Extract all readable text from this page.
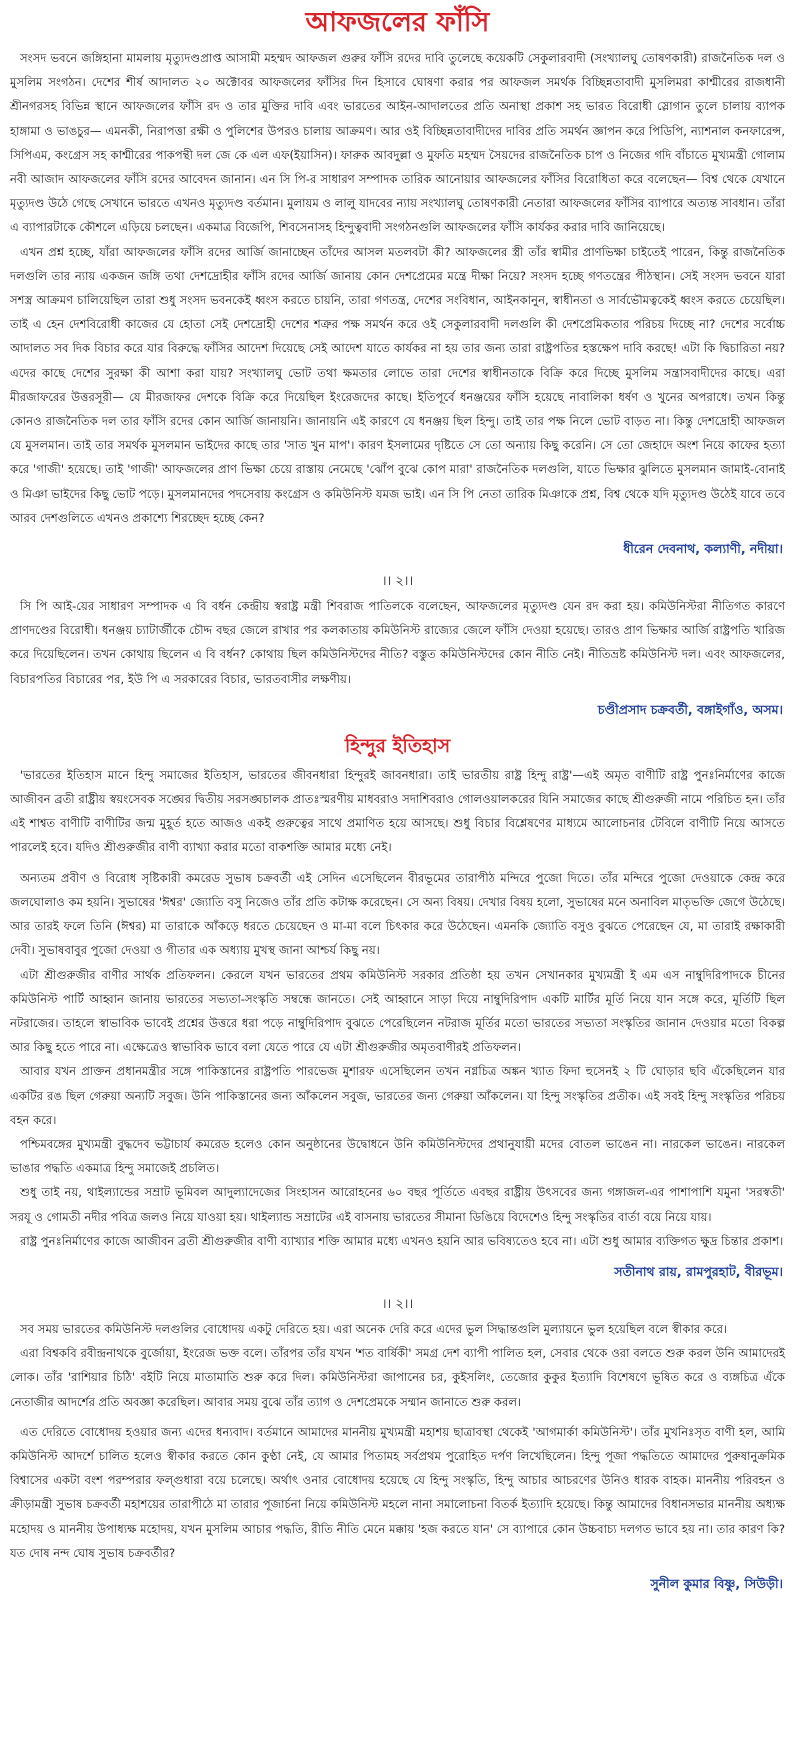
আফজলের ফাঁসি

সংসদ ভবনে জঙ্গিহানা মামলায় মৃত্যুদণ্ডপ্রাপ্ত আসামী মহম্মদ আফজল গুরুর ফাঁসি রদের দাবি তুলেছে কয়েকটি সেকুলারবাদী (সংখ্যালঘু তোষণকারী) রাজনৈতিক দল ও মুসলিম সংগঠন। দেশের শীর্ষ আদালত ২০ অক্টোবর আফজলের ফাঁসির দিন হিসাবে ঘোষণা করার পর আফজল সমর্থক বিচ্ছিন্নতাবাদী মুসলিমরা কাশ্মীরের রাজধানী শ্রীনগরসহ বিভিন্ন স্থানে আফজলের ফাঁসি রদ ও তার মুক্তির দাবি এবং ভারতের আইন-আদালতের প্রতি অনাস্থা প্রকাশ সহ ভারত বিরোধী স্লোগান তুলে চালায় ব্যাপক হাঙ্গামা ও ভাঙচুর— এমনকী, নিরাপত্তা রক্ষী ও পুলিশের উপরও চালায় আক্রমণ। আর ওই বিচ্ছিন্নতাবাদীদের দাবির প্রতি সমর্থন জ্ঞাপন করে পিডিপি, ন্যাশনাল কনফারেন্স, সিপিএম, কংগ্রেস সহ কাশ্মীরের পাকপন্থী দল জে কে এল এফ(ইয়াসিন)। ফারুক আবদুল্লা ও মুফতি মহম্মদ সৈয়দের রাজনৈতিক চাপ ও নিজের গদি বাঁচাতে মুখ্যমন্ত্রী গোলাম নবী আজাদ আফজলের ফাঁসি রদের আবেদন জানান। এন সি পি-র সাধারণ সম্পাদক তারিক আনোয়ার আফজলের ফাঁসির বিরোধিতা করে বলেছেন— বিশ্ব থেকে যেখানে মৃত্যুদণ্ড উঠে গেছে সেখানে ভারতে এখনও মৃত্যুদণ্ড বর্তমান। মুলায়ম ও লালু যাদবের ন্যায় সংখ্যালঘু তোষণকারী নেতারা আফজলের ফাঁসির ব্যাপারে অত্যন্ত সাবধান। তাঁরা এ ব্যাপারটাকে কৌশলে এড়িয়ে চলছেন। একমাত্র বিজেপি, শিবসেনাসহ হিন্দুত্ববাদী সংগঠনগুলি আফজলের ফাঁসি কার্যকর করার দাবি জানিয়েছে।

এখন প্রশ্ন হচ্ছে, যাঁরা আফজলের ফাঁসি রদের আর্জি জানাচ্ছেন তাঁদের আসল মতলবটা কী? আফজলের স্ত্রী তাঁর স্বামীর প্রাণভিক্ষা চাইতেই পারেন, কিন্তু রাজনৈতিক দলগুলি তার ন্যায় একজন জঙ্গি তথা দেশদ্রোহীর ফাঁসি রদের আর্জি জানায় কোন দেশপ্রেমের মন্ত্রে দীক্ষা নিয়ে? সংসদ হচ্ছে গণতন্ত্রের পীঠস্থান। সেই সংসদ ভবনে যারা সশস্ত্র আক্রমণ চালিয়েছিল তারা শুধু সংসদ ভবনকেই ধ্বংস করতে চায়নি, তারা গণতন্ত্র, দেশের সংবিধান, আইনকানুন, স্বাধীনতা ও সার্বভৌমত্বকেই ধ্বংস করতে চেয়েছিল। তাই এ হেন দেশবিরোধী কাজের যে হোতা সেই দেশদ্রোহী দেশের শত্রুর পক্ষ সমর্থন করে ওই সেকুলারবাদী দলগুলি কী দেশপ্রেমিকতার পরিচয় দিচ্ছে না? দেশের সর্বোচ্চ আদালত সব দিক বিচার করে যার বিরুদ্ধে ফাঁসির আদেশ দিয়েছে সেই আদেশ যাতে কার্যকর না হয় তার জন্য তারা রাষ্ট্রপতির হস্তক্ষেপ দাবি করছে! এটা কি দ্বিচারিতা নয়? এদের কাছে দেশের সুরক্ষা কী আশা করা যায়? সংখ্যালঘু ভোট তথা ক্ষমতার লোভে তারা দেশের স্বাধীনতাকে বিক্রি করে দিচ্ছে মুসলিম সন্ত্রাসবাদীদের কাছে। এরা মীরজাফরের উত্তরসূরী— যে মীরজাফর দেশকে বিক্রি করে দিয়েছিল ইংরেজদের কাছে। ইতিপূর্বে ধনঞ্জয়ের ফাঁসি হয়েছে নাবালিকা ধর্ষণ ও খুনের অপরাধে। তখন কিন্তু কোনও রাজনৈতিক দল তার ফাঁসি রদের কোন আর্জি জানায়নি। জানায়নি এই কারণে যে ধনঞ্জয় ছিল হিন্দু। তাই তার পক্ষ নিলে ভোট বাড়ত না। কিন্তু দেশদ্রোহী আফজল যে মুসলমান। তাই তার সমর্থক মুসলমান ভাইদের কাছে তার 'সাত খুন মাপ'। কারণ ইসলামের দৃষ্টিতে সে তো অন্যায় কিছু করেনি। সে তো জেহাদে অংশ নিয়ে কাফের হত্যা করে 'গাজী' হয়েছে। তাই 'গাজী' আফজলের প্রাণ ভিক্ষা চেয়ে রাস্তায় নেমেছে 'ঝোঁপ বুঝে কোপ মারা' রাজনৈতিক দলগুলি, যাতে ভিক্ষার ঝুলিতে মুসলমান জামাই-বোনাই ও মিঞা ভাইদের কিছু ভোট পড়ে। মুসলমানদের পদসেবায় কংগ্রেস ও কমিউনিস্ট যমজ ভাই। এন সি পি নেতা তারিক মিঞাকে প্রশ্ন, বিশ্ব থেকে যদি মৃত্যুদণ্ড উঠেই যাবে তবে আরব দেশগুলিতে এখনও প্রকাশ্যে শিরচ্ছেদ হচ্ছে কেন?

ধীরেন দেবনাথ, কল্যাণী, নদীয়া।
।। ২।।

সি পি আই-য়ের সাধারণ সম্পাদক এ বি বর্ধন কেন্দ্রীয় স্বরাষ্ট্র মন্ত্রী শিবরাজ পাতিলকে বলেছেন, আফজলের মৃত্যুদণ্ড যেন রদ করা হয়। কমিউনিস্টরা নীতিগত কারণে প্রাণদণ্ডের বিরোধী। ধনঞ্জয় চ্যাটার্জীকে চৌদ্দ বছর জেলে রাখার পর কলকাতায় কমিউনিস্ট রাজ্যের জেলে ফাঁসি দেওয়া হয়েছে। তারও প্রাণ ভিক্ষার আর্জি রাষ্ট্রপতি খারিজ করে দিয়েছিলেন। তখন কোথায় ছিলেন এ বি বর্ধন? কোথায় ছিল কমিউনিস্টদের নীতি? বস্তুত কমিউনিস্টদের কোন নীতি নেই। নীতিভ্রষ্ট কমিউনিস্ট দল। এবং আফজলের, বিচারপতির বিচারের পর, ইউ পি এ সরকারের বিচার, ভারতবাসীর লক্ষণীয়।

চণ্ডীপ্রসাদ চক্রবর্তী, বঙ্গাইগাঁও, অসম।
হিন্দুর ইতিহাস

'ভারতের ইতিহাস মানে হিন্দু সমাজের ইতিহাস, ভারতের জীবনধারা হিন্দুরই জাবনধারা। তাই ভারতীয় রাষ্ট্র হিন্দু রাষ্ট্র'—এই অমৃত বাণীটি রাষ্ট্র পুনঃনির্মাণের কাজে আজীবন ব্রতী রাষ্ট্রীয় স্বয়ংসেবক সঙ্ঘের দ্বিতীয় সরসঙ্ঘচালক প্রাতঃস্মরণীয় মাধবরাও সদাশিবরাও গোলওয়ালকরের যিনি সমাজের কাছে শ্রীগুরুজী নামে পরিচিত হন। তাঁর এই শাশ্বত বাণীটি বাণীটির জন্ম মুহূর্ত হতে আজও একই গুরুত্বের সাথে প্রমাণিত হয়ে আসছে। শুধু বিচার বিশ্লেষণের মাধ্যমে আলোচনার টেবিলে বাণীটি নিয়ে আসতে পারলেই হবে। যদিও শ্রীগুরুজীর বাণী ব্যাখ্যা করার মতো বাকশক্তি আমার মধ্যে নেই।

অন্যতম প্রবীণ ও বিরোধ সৃষ্টিকারী কমরেড সুভাষ চক্রবর্তী এই সেদিন এসেছিলেন বীরভূমের তারাপীঠ মন্দিরে পুজো দিতে। তাঁর মন্দিরে পুজো দেওয়াকে কেন্দ্র করে জলঘোলাও কম হয়নি। সুভাষের 'ঈশ্বর' জ্যোতি বসু নিজেও তাঁর প্রতি কটাক্ষ করেছেন। সে অন্য বিষয়। দেখার বিষয় হলো, সুভাষের মনে অনাবিল মাতৃভক্তি জেগে উঠেছে। আর তারই ফলে তিনি (ঈশ্বর) মা তারাকে আঁকড়ে ধরতে চেয়েছেন ও মা-মা বলে চিৎকার করে উঠেছেন। এমনকি জ্যোতি বসুও বুঝতে পেরেছেন যে, মা তারাই রক্ষাকারী দেবী। সুভাষবাবুর পুজো দেওয়া ও গীতার এক অধ্যায় মুখস্থ জানা আশ্চর্য কিছু নয়।

এটা শ্রীগুরুজীর বাণীর সার্থক প্রতিফলন। কেরলে যখন ভারতের প্রথম কমিউনিস্ট সরকার প্রতিষ্ঠা হয় তখন সেখানকার মুখ্যমন্ত্রী ই এম এস নাম্বুদিরিপাদকে চীনের কমিউনিস্ট পার্টি আহ্বান জানায় ভারতের সভ্যতা-সংস্কৃতি সম্বন্ধে জানতে। সেই আহ্বানে সাড়া দিয়ে নাম্বুদিরিপাদ একটি মার্টির মূর্তি নিয়ে যান সঙ্গে করে, মূর্তিটি ছিল নটরাজের। তাহলে স্বাভাবিক ভাবেই প্রশ্নের উত্তরে ধরা পড়ে নাম্বুদিরিপাদ বুঝতে পেরেছিলেন নটরাজ মূর্তির মতো ভারতের সভ্যতা সংস্কৃতির জানান দেওয়ার মতো বিকল্প আর কিছু হতে পারে না। এক্ষেত্রেও স্বাভাবিক ভাবে বলা যেতে পারে যে এটা শ্রীগুরুজীর অমৃতবাণীরই প্রতিফলন।

আবার যখন প্রাক্তন প্রধানমন্ত্রীর সঙ্গে পাকিস্তানের রাষ্ট্রপতি পারভেজ মুশারফ এসেছিলেন তখন নগ্নচিত্র অঙ্কন খ্যাত ফিদা হুসেনই ২ টি ঘোড়ার ছবি এঁকেছিলেন যার একটির রঙ ছিল গেরুয়া অন্যটি সবুজ। উনি পাকিস্তানের জন্য আঁকলেন সবুজ, ভারতের জন্য গেরুয়া আঁকলেন। যা হিন্দু সংস্কৃতির প্রতীক। এই সবই হিন্দু সংস্কৃতির পরিচয় বহন করে।

পশ্চিমবঙ্গের মুখ্যমন্ত্রী বুদ্ধদেব ভট্টাচার্য কমরেড হলেও কোন অনুষ্ঠানের উদ্বোধনে উনি কমিউনিস্টদের প্রথানুযায়ী মদের বোতল ভাঙেন না। নারকেল ভাঙেন। নারকেল ভাঙার পদ্ধতি একমাত্র হিন্দু সমাজেই প্রচলিত।

শুধু তাই নয়, থাইল্যান্ডের সম্রাট ভূমিবল আদুল্যাদেজের সিংহাসন আরোহনের ৬০ বছর পূর্তিতে এবছর রাষ্ট্রীয় উৎসবের জন্য গঙ্গাজল-এর পাশাপাশি যমুনা 'সরস্বতী' সরযূ ও গোমতী নদীর পবিত্র জলও নিয়ে যাওয়া হয়। থাইল্যান্ড সম্রাটের এই বাসনায় ভারতের সীমানা ডিঙিয়ে বিদেশেও হিন্দু সংস্কৃতির বার্তা বয়ে নিয়ে যায়।

রাষ্ট্র পুনঃনির্মাণের কাজে আজীবন ব্রতী শ্রীগুরুজীর বাণী ব্যাখ্যার শক্তি আমার মধ্যে এখনও হয়নি আর ভবিষ্যতেও হবে না। এটা শুধু আমার ব্যক্তিগত ক্ষুদ্র চিন্তার প্রকাশ।

সতীনাথ রায়, রামপুরহাট, বীরভূম।
।। ২।।

সব সময় ভারতের কমিউনিস্ট দলগুলির বোধোদয় একটু দেরিতে হয়। এরা অনেক দেরি করে এদের ভুল সিদ্ধান্তগুলি মুল্যায়নে ভুল হয়েছিল বলে স্বীকার করে।

এরা বিশ্বকবি রবীন্দ্রনাথকে বুর্জোয়া, ইংরেজ ভক্ত বলে। তাঁরপর তাঁর যখন 'শত বার্ষিকী' সমগ্র দেশ ব্যাপী পালিত হল, সেবার থেকে ওরা বলতে শুরু করল উনি আমাদেরই লোক। তাঁর 'রাশিয়ার চিঠি' বইটি নিয়ে মাতামাতি শুরু করে দিল। কমিউনিস্টরা জাপানের চর, কুইসলিং, তেজোর কুকুর ইত্যাদি বিশেষণে ভূষিত করে ও ব্যঙ্গচিত্র এঁকে নেতাজীর আদর্শের প্রতি অবজ্ঞা করেছিল। আবার সময় বুঝে তাঁর ত্যাগ ও দেশপ্রেমকে সম্মান জানাতে শুরু করল।

এত দেরিতে বোধোদয় হওয়ার জন্য এদের ধন্যবাদ। বর্তমানে আমাদের মাননীয় মুখ্যমন্ত্রী মহাশয় ছাত্রাবস্থা থেকেই 'আগমার্কা কমিউনিস্ট'। তাঁর মুখনিঃসৃত বাণী হল, আমি কমিউনিস্ট আদর্শে চালিত হলেও স্বীকার করতে কোন কুণ্ঠা নেই, যে আমার পিতামহ সর্বপ্রথম পুরোহিত দর্পণ লিখেছিলেন। হিন্দু পূজা পদ্ধতিতে আমাদের পুরুষানুক্রমিক বিশ্বাসের একটা বংশ পরম্পরার ফল্গুধারা বয়ে চলেছে। অর্থাৎ ওনার বোধোদয় হয়েছে যে হিন্দু সংস্কৃতি, হিন্দু আচার আচরণের উনিও ধারক বাহক। মাননীয় পরিবহন ও ক্রীড়ামন্ত্রী সুভাষ চক্রবর্তী মহাশয়ের তারাপীঠে মা তারার পূজার্চনা নিয়ে কমিউনিস্ট মহলে নানা সমালোচনা বিতর্ক ইত্যাদি হয়েছে। কিন্তু আমাদের বিধানসভার মাননীয় অধ্যক্ষ মহোদয় ও মাননীয় উপাধ্যক্ষ মহোদয়, যখন মুসলিম আচার পদ্ধতি, রীতি নীতি মেনে মক্কায় 'হজ করতে যান' সে ব্যাপারে কোন উচ্চবাচ্য দলগত ভাবে হয় না। তার কারণ কি? যত দোষ নন্দ ঘোষ সুভাষ চক্রবর্তীর?

সুনীল কুমার বিষ্ণু, সিউড়ী।
